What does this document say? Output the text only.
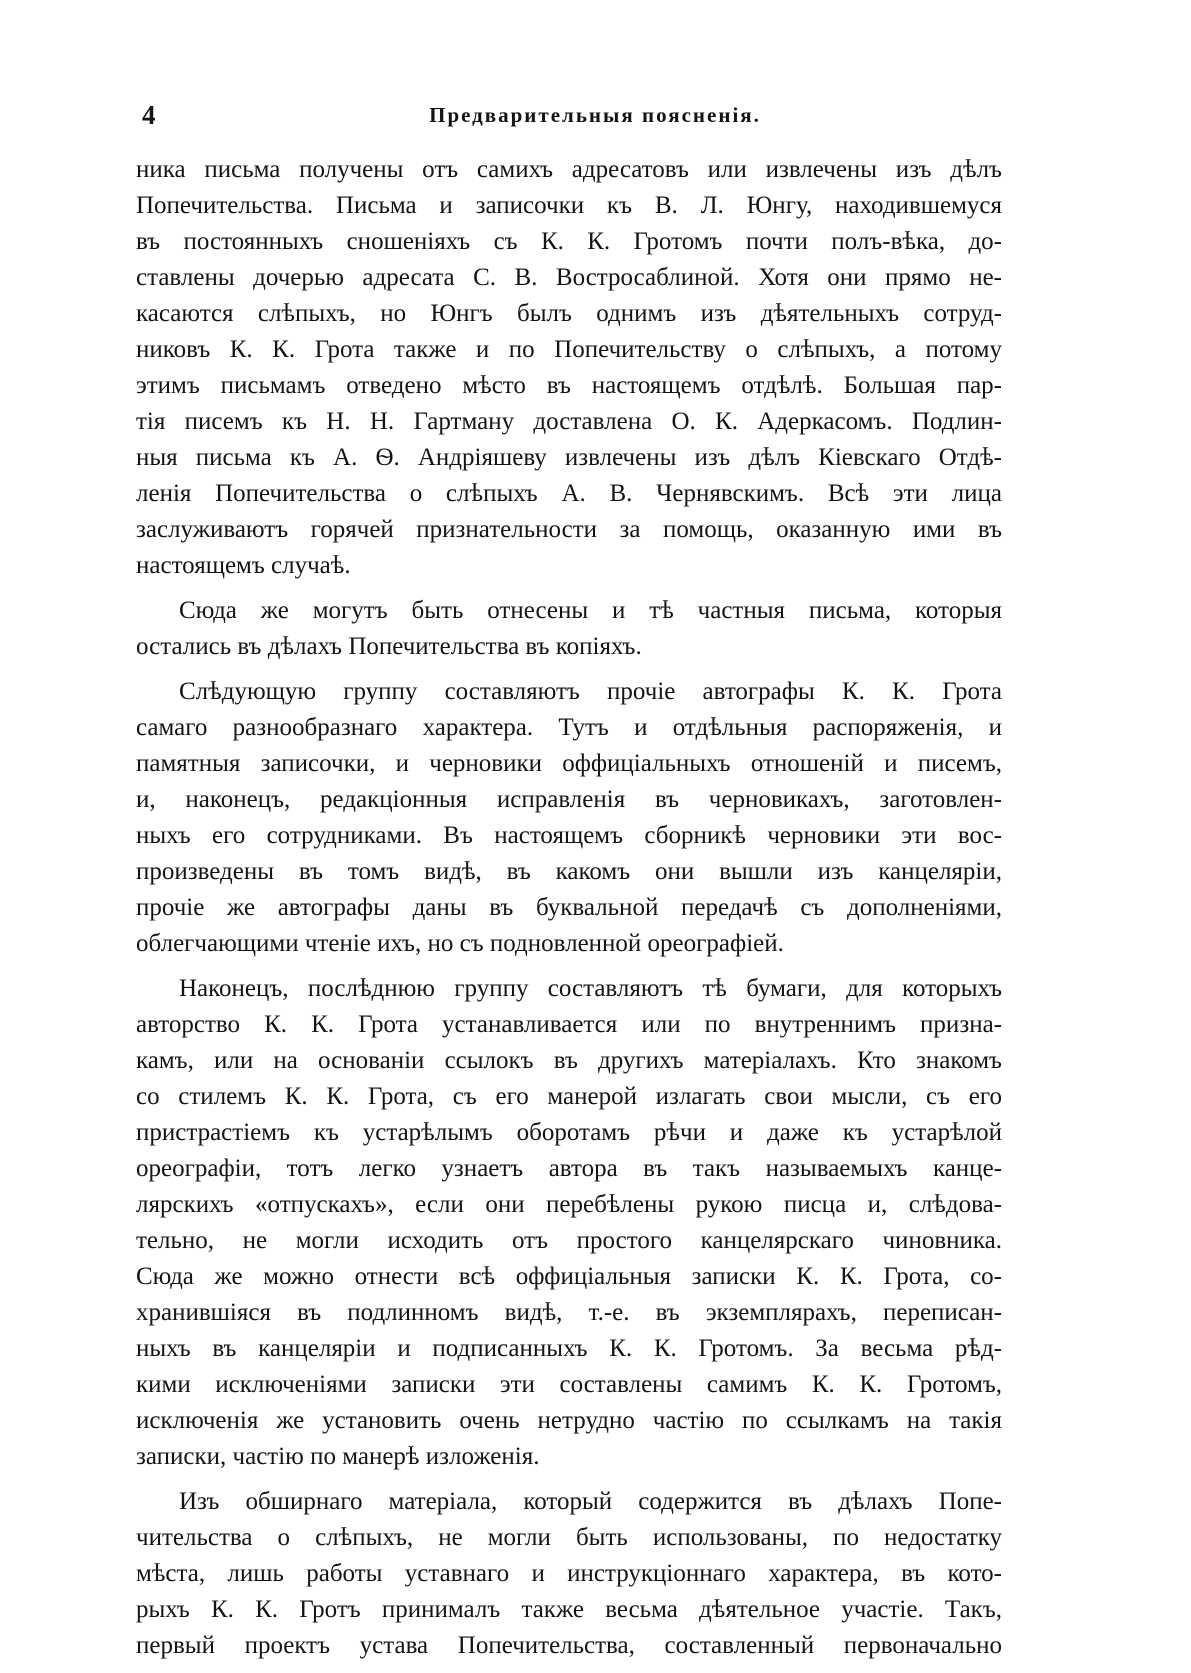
4	Предварительныя поясненія.
ника письма получены отъ самихъ адресатовъ или извлечены изъ дѣлъ
Попечительства. Письма и записочки къ В. Л. Юнгу, находившемуся
въ постоянныхъ сношеніяхъ съ К. К. Гротомъ почти полъ-вѣка, до-
ставлены дочерью адресата С. В. Востросаблиной. Хотя они прямо не-
касаются слѣпыхъ, но Юнгъ былъ однимъ изъ дѣятельныхъ сотруд-
никовъ К. К. Грота также и по Попечительству о слѣпыхъ, а потому
этимъ письмамъ отведено мѣсто въ настоящемъ отдѣлѣ. Большая пар-
тія писемъ къ Н. Н. Гартману доставлена О. К. Адеркасомъ. Подлин-
ныя письма къ А. Ѳ. Андріяшеву извлечены изъ дѣлъ Кіевскаго Отдѣ-
ленія Попечительства о слѣпыхъ А. В. Чернявскимъ. Всѣ эти лица
заслуживаютъ горячей признательности за помощь, оказанную ими въ
настоящемъ случаѣ.
Сюда же могутъ быть отнесены и тѣ частныя письма, которыя
остались въ дѣлахъ Попечительства въ копіяхъ.
Слѣдующую группу составляютъ прочіе автографы К. К. Грота
самаго разнообразнаго характера. Тутъ и отдѣльныя распоряженія, и
памятныя записочки, и черновики оффиціальныхъ отношеній и писемъ,
и, наконецъ, редакціонныя исправленія въ черновикахъ, заготовлен-
ныхъ его сотрудниками. Въ настоящемъ сборникѣ черновики эти вос-
произведены въ томъ видѣ, въ какомъ они вышли изъ канцеляріи,
прочіе же автографы даны въ буквальной передачѣ съ дополненіями,
облегчающими чтеніе ихъ, но съ подновленной ореографіей.
Наконецъ, послѣднюю группу составляютъ тѣ бумаги, для которыхъ
авторство К. К. Грота устанавливается или по внутреннимъ призна-
камъ, или на основаніи ссылокъ въ другихъ матеріалахъ. Кто знакомъ
со стилемъ К. К. Грота, съ его манерой излагать свои мысли, съ его
пристрастіемъ къ устарѣлымъ оборотамъ рѣчи и даже къ устарѣлой
ореографіи, тотъ легко узнаетъ автора въ такъ называемыхъ канце-
лярскихъ «отпускахъ», если они перебѣлены рукою писца и, слѣдова-
тельно, не могли исходить отъ простого канцелярскаго чиновника.
Сюда же можно отнести всѣ оффиціальныя записки К. К. Грота, со-
хранившіяся въ подлинномъ видѣ, т.-е. въ экземплярахъ, переписан-
ныхъ въ канцеляріи и подписанныхъ К. К. Гротомъ. За весьма рѣд-
кими исключеніями записки эти составлены самимъ К. К. Гротомъ,
исключенія же установить очень нетрудно частію по ссылкамъ на такія
записки, частію по манерѣ изложенія.
Изъ обширнаго матеріала, который содержится въ дѣлахъ Попе-
чительства о слѣпыхъ, не могли быть использованы, по недостатку
мѣста, лишь работы уставнаго и инструкціоннаго характера, въ кото-
рыхъ К. К. Гротъ принималъ также весьма дѣятельное участіе. Такъ,
первый проектъ устава Попечительства, составленный первоначально
